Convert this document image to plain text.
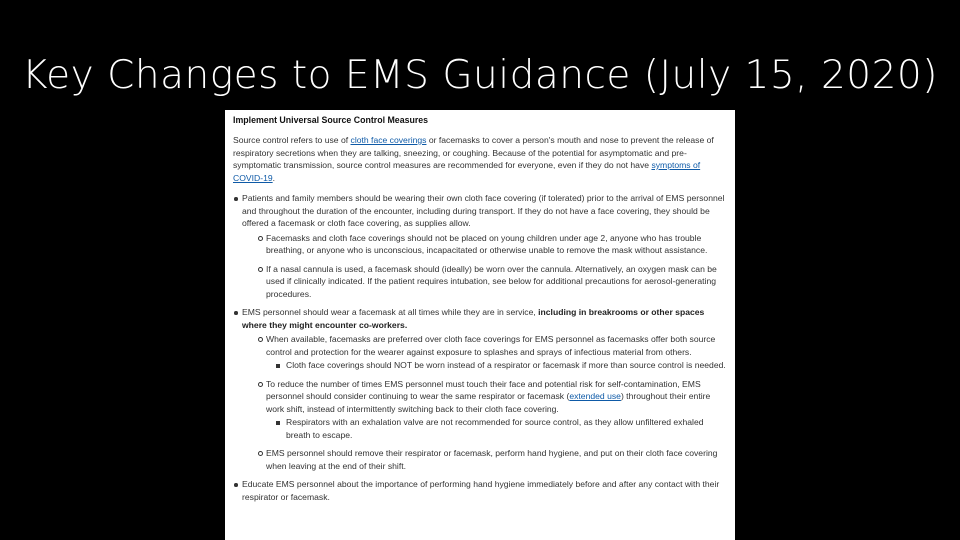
Key Changes to EMS Guidance (July 15, 2020)
Implement Universal Source Control Measures

Source control refers to use of cloth face coverings or facemasks to cover a person's mouth and nose to prevent the release of respiratory secretions when they are talking, sneezing, or coughing. Because of the potential for asymptomatic and pre-symptomatic transmission, source control measures are recommended for everyone, even if they do not have symptoms of COVID-19.

Patients and family members should be wearing their own cloth face covering (if tolerated) prior to the arrival of EMS personnel and throughout the duration of the encounter, including during transport. If they do not have a face covering, they should be offered a facemask or cloth face covering, as supplies allow.
Facemasks and cloth face coverings should not be placed on young children under age 2, anyone who has trouble breathing, or anyone who is unconscious, incapacitated or otherwise unable to remove the mask without assistance.
If a nasal cannula is used, a facemask should (ideally) be worn over the cannula. Alternatively, an oxygen mask can be used if clinically indicated. If the patient requires intubation, see below for additional precautions for aerosol-generating procedures.
EMS personnel should wear a facemask at all times while they are in service, including in breakrooms or other spaces where they might encounter co-workers.
When available, facemasks are preferred over cloth face coverings for EMS personnel as facemasks offer both source control and protection for the wearer against exposure to splashes and sprays of infectious material from others.
Cloth face coverings should NOT be worn instead of a respirator or facemask if more than source control is needed.
To reduce the number of times EMS personnel must touch their face and potential risk for self-contamination, EMS personnel should consider continuing to wear the same respirator or facemask (extended use) throughout their entire work shift, instead of intermittently switching back to their cloth face covering.
Respirators with an exhalation valve are not recommended for source control, as they allow unfiltered exhaled breath to escape.
EMS personnel should remove their respirator or facemask, perform hand hygiene, and put on their cloth face covering when leaving at the end of their shift.
Educate EMS personnel about the importance of performing hand hygiene immediately before and after any contact with their respirator or facemask.
